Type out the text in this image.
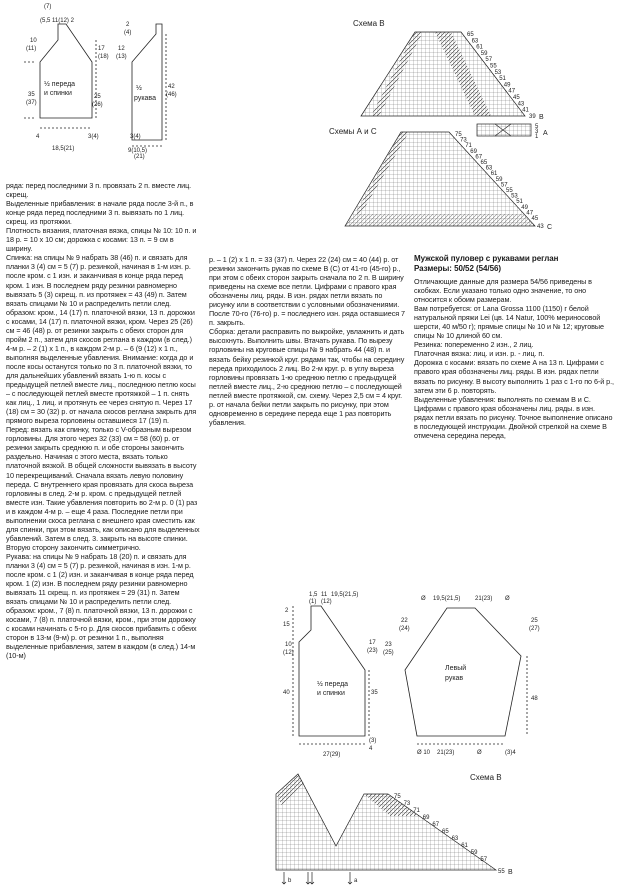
(7)
(5,5 11(12) 2
10
(11)	17
(18)
35
(37)
25
(26)
½ переда
и спинки
4
18,5(21)
3(4)
2
(4)
12
(13)
42
(46)
½
рукава
3(4)
9(10,5)
(21)
Схема В
65
63
61
59
57
55
53
51
49
47
45
43
41
39 В
Схемы А и С	75
73
71
69
67
65
63
61
59
57
55
53
51
49
47
45
43 С
5
3
1 А

ряда: перед последними 3 п. провязать 2 п. вместе лиц. скрещ.

Выделенные прибавления: в начале ряда после 3-й п., в конце ряда перед последними 3 п. вывязать по 1 лиц. скрещ. из протяжки.

Плотность вязания, платочная вязка, спицы № 10: 10 п. и 18 р. = 10 х 10 см; дорожка с косами: 13 п. = 9 см в ширину.

Спинка: на спицы № 9 набрать 38 (46) п. и связать для планки 3 (4) см = 5 (7) р. резинкой, начиная в 1-м изн. р. после кром. с 1 изн. и заканчивая в конце ряда перед кром. 1 изн. В последнем ряду резинки равномерно вывязать 5 (3) скрещ. п. из протяжек = 43 (49) п. Затем вязать спицами № 10 и распределить петли след. образом: кром., 14 (17) п. платочной вязки, 13 п. дорожки с косами, 14 (17) п. платочной вязки, кром. Через 25 (26) см = 46 (48) р. от резинки закрыть с обеих сторон для пройм 2 п., затем для скосов реглана в каждом (в след.) 4-м р. – 2 (1) х 1 п., в каждом 2-м р. – 6 (9 (12) х 1 п., выполняя выделенные убавления. Внимание: когда до и после косы останутся только по 3 п. платочной вязки, то для дальнейших убавлений вязать 1-ю п. косы с предыдущей петлей вместе лиц., последнюю петлю косы – с последующей петлей вместе протяжкой – 1 п. снять как лиц., 1 лиц. и протянуть ее через снятую п. Через 17 (18) см = 30 (32) р. от начала скосов реглана закрыть для прямого выреза горловины оставшиеся 17 (19) п.

Перед: вязать как спинку, только с V-образным вырезом горловины. Для этого через 32 (33) см = 58 (60) р. от резинки закрыть среднюю п. и обе стороны закончить раздельно. Начиная с этого места, вязать только платочной вязкой. В общей сложности вывязать в высоту 10 перекрещиваний. Сначала вязать левую половину переда. С внутреннего края провязать для скоса выреза горловины в след. 2-м р. кром. с предыдущей петлей вместе изн. Такие убавления повторить во 2-м р. 0 (1) раз и в каждом 4-м р. – еще 4 раза. Последние петли при выполнении скоса реглана с внешнего края сместить как для спинки, при этом вязать, как описано для выделенных убавлений. Затем в след. 3. закрыть на высоте спинки. Вторую сторону закончить симметрично.

Рукава: на спицы № 9 набрать 18 (20) п. и связать для планки 3 (4) см = 5 (7) р. резинкой, начиная в изн. 1-м р. после кром. с 1 (2) изн. и заканчивая в конце ряда перед кром. 1 (2) изн. В последнем ряду резинки равномерно вывязать 11 скрещ. п. из протяжек = 29 (31) п. Затем вязать спицами № 10 и распределить петли след. образом: кром., 7 (8) п. платочной вязки, 13 п. дорожки с косами, 7 (8) п. платочной вязки, кром., при этом дорожку с косами начинать с 5-го р. Для скосов прибавить с обеих сторон в 13-м (9-м) р. от резинки 1 п., выполняя выделенные прибавления, затем в каждом (в след.) 14-м (10-м)

р. – 1 (2) х 1 п. = 33 (37) п. Через 22 (24) см = 40 (44) р. от резинки закончить рукав по схеме В (С) от 41-го (45-го) р., при этом с обеих сторон закрыть сначала по 2 п. В ширину приведены на схеме все петли. Цифрами с правого края обозначены лиц. ряды. В изн. рядах петли вязать по рисунку или в соответствии с условными обозначениями. После 70-го (76-го) р. = последнего изн. ряда оставшиеся 7 п. закрыть.

Сборка: детали расправить по выкройке, увлажнить и дать высохнуть. Выполнить швы. Втачать рукава. По вырезу горловины на круговые спицы № 9 набрать 44 (48) п. и вязать бейку резинкой круг. рядами так, чтобы на середину переда приходилось 2 лиц. Во 2-м круг. р. в углу выреза горловины провязать 1-ю среднюю петлю с предыдущей петлей вместе лиц., 2-ю среднюю петлю – с последующей петлей вместе протяжкой, см. схему. Через 2,5 см = 4 круг. р. от начала бейки петли закрыть по рисунку, при этом одновременно в середине переда еще 1 раз повторить убавления.

Мужской пуловер с рукавами реглан

Размеры: 50/52 (54/56)

Отличающие данные для размера 54/56 приведены в скобках. Если указано только одно значение, то оно относится к обоим размерам.

Вам потребуется: от Lana Grossa 1100 (1150) г белой натуральной пряжи Lei (цв. 14 Natur, 100% мериносовой шерсти, 40 м/50 г); прямые спицы № 10 и № 12; круговые спицы № 10 длиной 60 см.

Резинка: попеременно 2 изн., 2 лиц.

Платочная вязка: лиц. и изн. р. - лиц. п.

Дорожка с косами: вязать по схеме А на 13 п. Цифрами с правого края обозначены лиц. ряды. В изн. рядах петли вязать по рисунку. В высоту выполнить 1 раз с 1-го по 6-й р., затем эти 6 р. повторять.

Выделенные убавления: выполнять по схемам В и С. Цифрами с правого края обозначены лиц. ряды. в изн. рядах петли вязать по рисунку. Точное выполнение описано в последующей инструкции. Двойной стрелкой на схеме В отмечена середина переда,

1,5 11 19,5(21,5)
(1) (12)
2
15
17
(23)
10
(12)
23
(25)
40	35
½ переда
и спинки
27(29)
(3)
4
Ø 19,5(21,5) 21(23) Ø
22
(24)
25
(27)
48
Левый
рукав
Ø 10 21(23)	Ø	(3)4
Схема В
75
73
71
69
67
65
63
61
59
57
55 В
b	a
